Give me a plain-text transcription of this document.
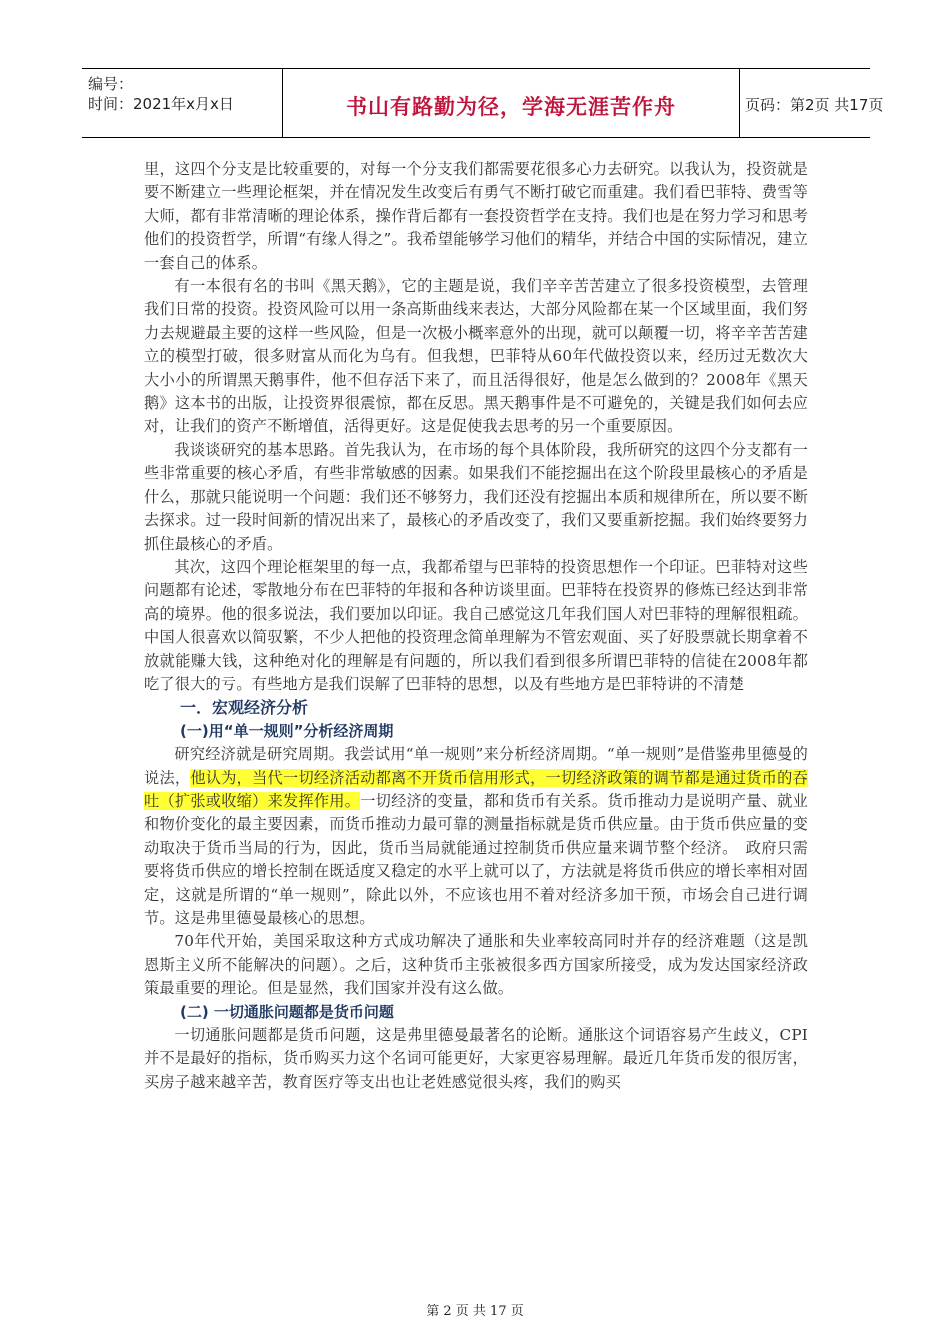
编号：
时间：2021年x月x日	书山有路勤为径，学海无涯苦作舟	页码：第2页 共17页

里，这四个分支是比较重要的，对每一个分支我们都需要花很多心力去研究。以我认为，投资就是要不断建立一些理论框架，并在情况发生改变后有勇气不断打破它而重建。我们看巴菲特、费雪等大师，都有非常清晰的理论体系，操作背后都有一套投资哲学在支持。我们也是在努力学习和思考他们的投资哲学，所谓“有缘人得之”。我希望能够学习他们的精华，并结合中国的实际情况，建立一套自己的体系。

有一本很有名的书叫《黑天鹅》，它的主题是说，我们辛辛苦苦建立了很多投资模型，去管理我们日常的投资。投资风险可以用一条高斯曲线来表达，大部分风险都在某一个区域里面，我们努力去规避最主要的这样一些风险，但是一次极小概率意外的出现，就可以颠覆一切，将辛辛苦苦建立的模型打破，很多财富从而化为乌有。但我想，巴菲特从60年代做投资以来，经历过无数次大大小小的所谓黑天鹅事件，他不但存活下来了，而且活得很好，他是怎么做到的？2008年《黑天鹅》这本书的出版，让投资界很震惊，都在反思。黑天鹅事件是不可避免的，关键是我们如何去应对，让我们的资产不断增值，活得更好。这是促使我去思考的另一个重要原因。

我谈谈研究的基本思路。首先我认为，在市场的每个具体阶段，我所研究的这四个分支都有一些非常重要的核心矛盾，有些非常敏感的因素。如果我们不能挖掘出在这个阶段里最核心的矛盾是什么，那就只能说明一个问题：我们还不够努力，我们还没有挖掘出本质和规律所在，所以要不断去探求。过一段时间新的情况出来了，最核心的矛盾改变了，我们又要重新挖掘。我们始终要努力抓住最核心的矛盾。

其次，这四个理论框架里的每一点，我都希望与巴菲特的投资思想作一个印证。巴菲特对这些问题都有论述，零散地分布在巴菲特的年报和各种访谈里面。巴菲特在投资界的修炼已经达到非常高的境界。他的很多说法，我们要加以印证。我自己感觉这几年我们国人对巴菲特的理解很粗疏。中国人很喜欢以简驭繁，不少人把他的投资理念简单理解为不管宏观面、买了好股票就长期拿着不放就能赚大钱，这种绝对化的理解是有问题的，所以我们看到很多所谓巴菲特的信徒在2008年都吃了很大的亏。有些地方是我们误解了巴菲特的思想，以及有些地方是巴菲特讲的不清楚

一．宏观经济分析

(一)用“单一规则”分析经济周期

研究经济就是研究周期。我尝试用“单一规则”来分析经济周期。“单一规则”是借鉴弗里德曼的说法，他认为，当代一切经济活动都离不开货币信用形式，一切经济政策的调节都是通过货币的吞吐（扩张或收缩）来发挥作用。一切经济的变量，都和货币有关系。货币推动力是说明产量、就业和物价变化的最主要因素，而货币推动力最可靠的测量指标就是货币供应量。由于货币供应量的变动取决于货币当局的行为，因此，货币当局就能通过控制货币供应量来调节整个经济。　政府只需要将货币供应的增长控制在既适度又稳定的水平上就可以了，方法就是将货币供应的增长率相对固定，这就是所谓的“单一规则”，除此以外，不应该也用不着对经济多加干预，市场会自己进行调节。这是弗里德曼最核心的思想。

70年代开始，美国采取这种方式成功解决了通胀和失业率较高同时并存的经济难题（这是凯恩斯主义所不能解决的问题）。之后，这种货币主张被很多西方国家所接受，成为发达国家经济政策最重要的理论。但是显然，我们国家并没有这么做。

(二) 一切通胀问题都是货币问题

一切通胀问题都是货币问题，这是弗里德曼最著名的论断。通胀这个词语容易产生歧义，CPI并不是最好的指标，货币购买力这个名词可能更好，大家更容易理解。最近几年货币发的很厉害，买房子越来越辛苦，教育医疗等支出也让老姓感觉很头疼，我们的购买

第 2 页 共 17 页
